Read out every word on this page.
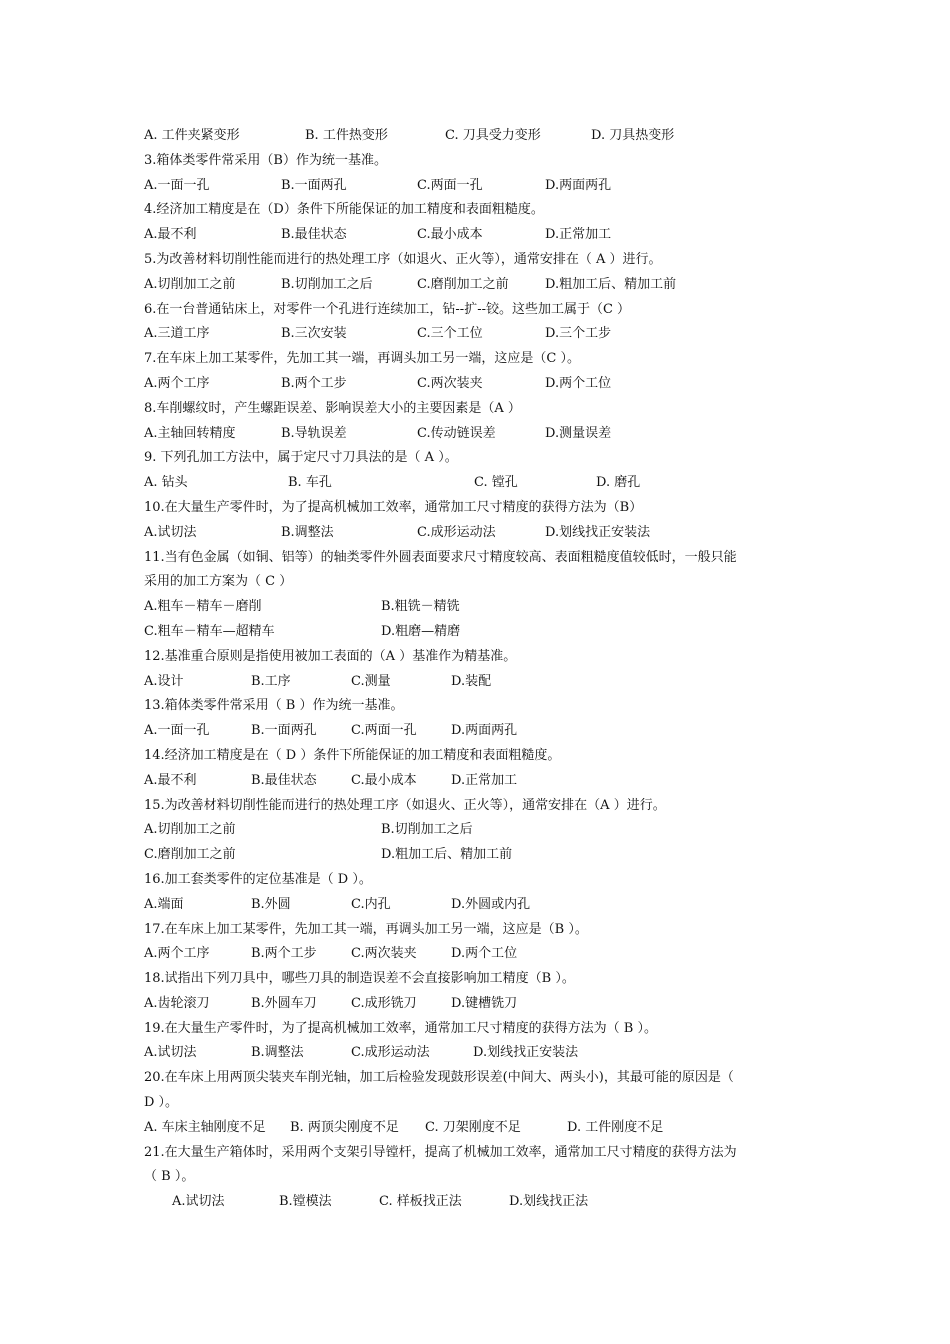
A. 工件夹紧变形	B. 工件热变形	C. 刀具受力变形	D. 刀具热变形
3.箱体类零件常采用（B）作为统一基准。
A.一面一孔	B.一面两孔	C.两面一孔	D.两面两孔
4.经济加工精度是在（D）条件下所能保证的加工精度和表面粗糙度。
A.最不利	B.最佳状态	C.最小成本	D.正常加工
5.为改善材料切削性能而进行的热处理工序（如退火、正火等），通常安排在（ A ）进行。
A.切削加工之前	B.切削加工之后	C.磨削加工之前	D.粗加工后、精加工前
6.在一台普通钻床上，对零件一个孔进行连续加工，钻--扩--铰。这些加工属于（C ）
A.三道工序	B.三次安装	C.三个工位	D.三个工步
7.在车床上加工某零件，先加工其一端，再调头加工另一端，这应是（C ）。
A.两个工序	B.两个工步	C.两次装夹	D.两个工位
8.车削螺纹时，产生螺距误差、影响误差大小的主要因素是（A ）
A.主轴回转精度	B.导轨误差	C.传动链误差	D.测量误差
9. 下列孔加工方法中，属于定尺寸刀具法的是（ A ）。
A. 钻头	B. 车孔	C. 镗孔	D. 磨孔
10.在大量生产零件时，为了提高机械加工效率，通常加工尺寸精度的获得方法为（B）
A.试切法	B.调整法	C.成形运动法	D.划线找正安装法
11.当有色金属（如铜、铝等）的轴类零件外圆表面要求尺寸精度较高、表面粗糙度值较低时，一般只能
采用的加工方案为（ C ）
A.粗车－精车－磨削	B.粗铣－精铣
C.粗车－精车—超精车	D.粗磨—精磨
12.基准重合原则是指使用被加工表面的（A ）基准作为精基准。
A.设计	B.工序	C.测量	D.装配
13.箱体类零件常采用（ B ）作为统一基准。
A.一面一孔	B.一面两孔	C.两面一孔	D.两面两孔
14.经济加工精度是在（ D ）条件下所能保证的加工精度和表面粗糙度。
A.最不利	B.最佳状态	C.最小成本	D.正常加工
15.为改善材料切削性能而进行的热处理工序（如退火、正火等），通常安排在（A ）进行。
A.切削加工之前	B.切削加工之后
C.磨削加工之前	D.粗加工后、精加工前
16.加工套类零件的定位基准是（ D ）。
A.端面	B.外圆	C.内孔	D.外圆或内孔
17.在车床上加工某零件，先加工其一端，再调头加工另一端，这应是（B ）。
A.两个工序	B.两个工步	C.两次装夹	D.两个工位
18.试指出下列刀具中，哪些刀具的制造误差不会直接影响加工精度（B ）。
A.齿轮滚刀	B.外圆车刀	C.成形铣刀	D.键槽铣刀
19.在大量生产零件时，为了提高机械加工效率，通常加工尺寸精度的获得方法为（ B ）。
A.试切法	B.调整法	C.成形运动法	D.划线找正安装法
20.在车床上用两顶尖装夹车削光轴，加工后检验发现鼓形误差(中间大、两头小)，其最可能的原因是（
D ）。
A. 车床主轴刚度不足 B. 两顶尖刚度不足 C. 刀架刚度不足	D. 工件刚度不足
21.在大量生产箱体时，采用两个支架引导镗杆，提高了机械加工效率，通常加工尺寸精度的获得方法为
（ B ）。
A.试切法	B.镗模法	C. 样板找正法	D.划线找正法
